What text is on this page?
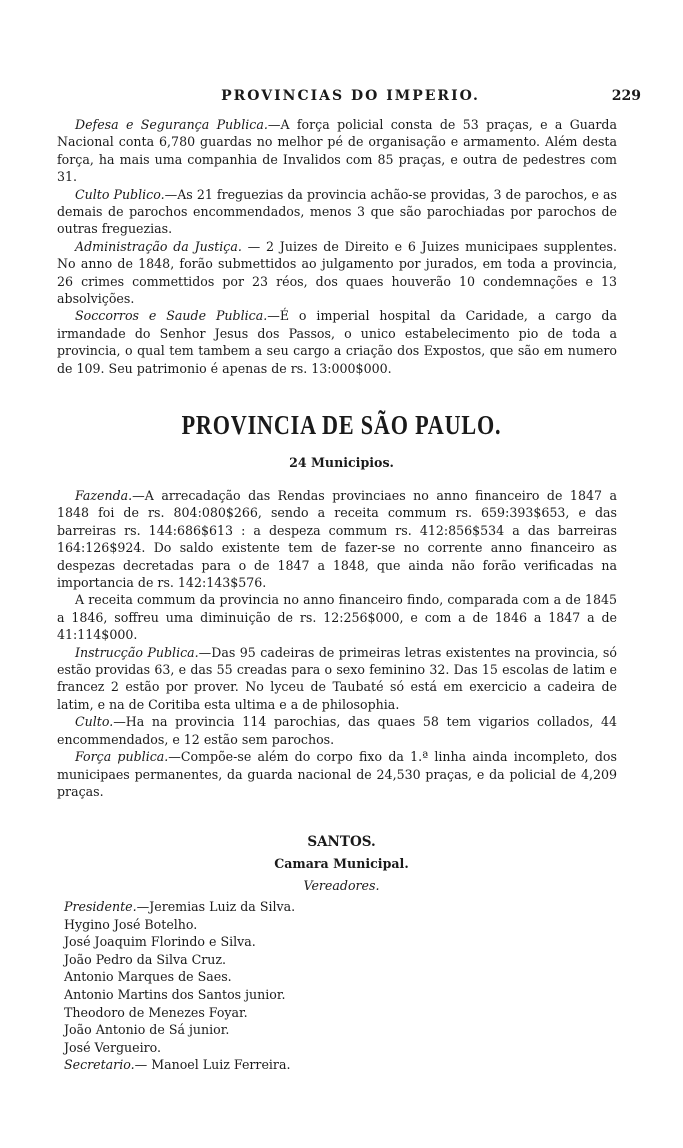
PROVINCIAS DO IMPERIO.	229

Defesa e Segurança Publica.—A força policial consta de 53 praças, e a Guarda Nacional conta 6,780 guardas no melhor pé de organisação e armamento. Além desta força, ha mais uma companhia de Invalidos com 85 praças, e outra de pedestres com 31.

Culto Publico.—As 21 freguezias da provincia achão-se providas, 3 de parochos, e as demais de parochos encommendados, menos 3 que são parochiadas por parochos de outras freguezias.

Administração da Justiça. — 2 Juizes de Direito e 6 Juizes municipaes supplentes. No anno de 1848, forão submettidos ao julgamento por jurados, em toda a provincia, 26 crimes commettidos por 23 réos, dos quaes houverão 10 condemnações e 13 absolvições.

Soccorros e Saude Publica.—É o imperial hospital da Caridade, a cargo da irmandade do Senhor Jesus dos Passos, o unico estabelecimento pio de toda a provincia, o qual tem tambem a seu cargo a criação dos Expostos, que são em numero de 109. Seu patrimonio é apenas de rs. 13:000$000.

PROVINCIA DE SÃO PAULO.
24 Municipios.

Fazenda.—A arrecadação das Rendas provinciaes no anno financeiro de 1847 a 1848 foi de rs. 804:080$266, sendo a receita commum rs. 659:393$653, e das barreiras rs. 144:686$613 : a despeza commum rs. 412:856$534 a das barreiras 164:126$924. Do saldo existente tem de fazer-se no corrente anno financeiro as despezas decretadas para o de 1847 a 1848, que ainda não forão verificadas na importancia de rs. 142:143$576.

A receita commum da provincia no anno financeiro findo, comparada com a de 1845 a 1846, soffreu uma diminuição de rs. 12:256$000, e com a de 1846 a 1847 a de 41:114$000.

Instrucção Publica.—Das 95 cadeiras de primeiras letras existentes na provincia, só estão providas 63, e das 55 creadas para o sexo feminino 32. Das 15 escolas de latim e francez 2 estão por prover. No lyceu de Taubaté só está em exercicio a cadeira de latim, e na de Coritiba esta ultima e a de philosophia.

Culto.—Ha na provincia 114 parochias, das quaes 58 tem vigarios collados, 44 encommendados, e 12 estão sem parochos.

Força publica.—Compõe-se além do corpo fixo da 1.ª linha ainda incompleto, dos municipaes permanentes, da guarda nacional de 24,530 praças, e da policial de 4,209 praças.

SANTOS.
Camara Municipal.
Vereadores.
Presidente.—Jeremias Luiz da Silva.
Hygino José Botelho.
José Joaquim Florindo e Silva.
João Pedro da Silva Cruz.
Antonio Marques de Saes.
Antonio Martins dos Santos junior.
Theodoro de Menezes Foyar.
João Antonio de Sá junior.
José Vergueiro.
Secretario.— Manoel Luiz Ferreira.
